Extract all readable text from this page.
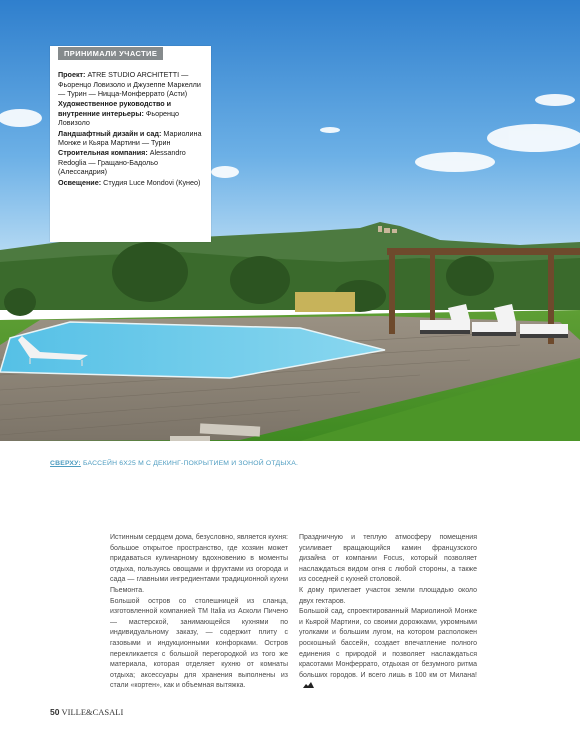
ПРИНИМАЛИ УЧАСТИЕ

Проект: ATRE STUDIO ARCHITETTI — Фьоренцо Ловизоло и Джузеппе Маркелли — Турин — Ницца-Монферрато (Асти)

Художественное руководство и внутренние интерьеры: Фьоренцо Ловизоло

Ландшафтный дизайн и сад: Мариолина Монже и Кьяра Мартини — Турин

Строительная компания: Alessandro Redoglia — Гращано-Бадольо (Алессандрия)

Освещение: Студия Luce Mondovi (Кунео)

СВЕРХУ: БАССЕЙН 6X25 М С ДЕКИНГ-ПОКРЫТИЕМ И ЗОНОЙ ОТДЫХА.

Истинным сердцем дома, безусловно, является кухня: большое открытое пространство, где хозяин может придаваться кулинарному вдохновению в моменты отдыха, пользуясь овощами и фруктами из огорода и сада — главными ингредиентами традиционной кухни Пьемонта.

Большой остров со столешницей из сланца, изготовленной компанией TM Italia из Асколи Пичено — мастерской, занимающейся кухнями по индивидуальному заказу, — содержит плиту с газовыми и индукционными конфорками. Остров перекликается с большой перегородкой из того же материала, которая отделяет кухню от комнаты отдыха; аксессуары для хранения выполнены из стали «кортен», как и объемная вытяжка.

Праздничную и теплую атмосферу помещения усиливает вращающийся камин французского дизайна от компании Focus, который позволяет наслаждаться видом огня с любой стороны, а также из соседней с кухней столовой.

К дому прилегает участок земли площадью около двух гектаров.

Большой сад, спроектированный Мариолиной Монже и Кьярой Мартини, со своими дорожками, укромными уголками и большим лугом, на котором расположен роскошный бассейн, создает впечатление полного единения с природой и позволяет наслаждаться красотами Монферрато, отдыхая от безумного ритма больших городов. И всего лишь в 100 км от Милана!

50 VILLE&CASALI
